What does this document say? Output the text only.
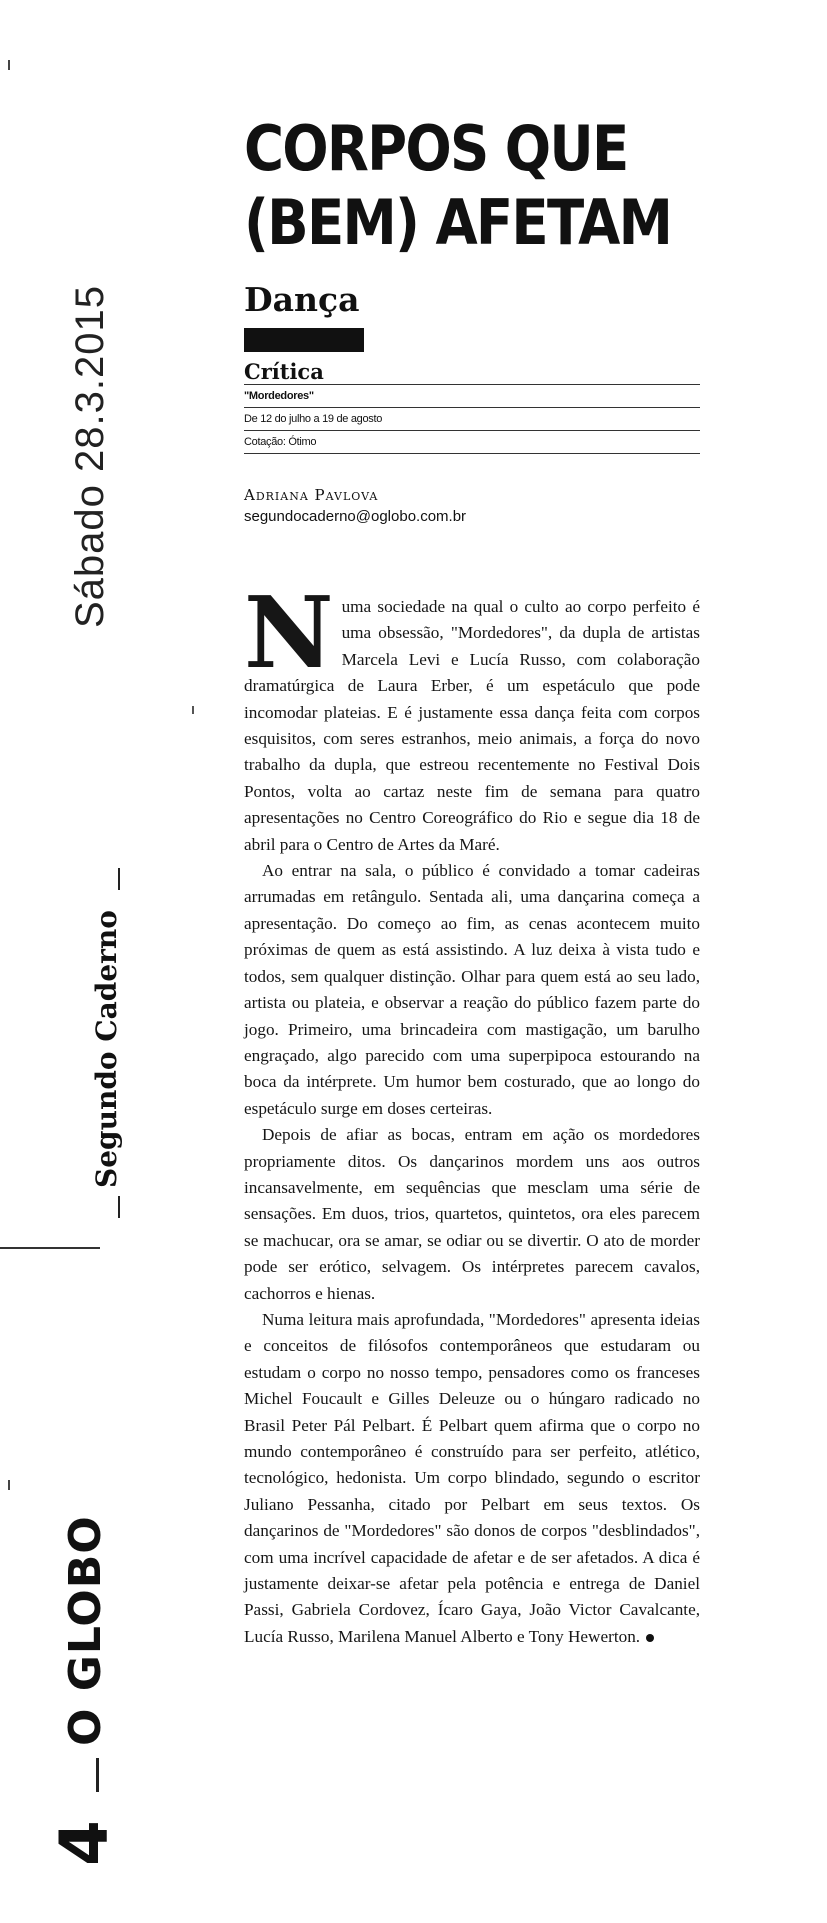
Sábado 28.3.2015
Segundo Caderno
O GLOBO
4
CORPOS QUE
(BEM) AFETAM
Dança
Crítica
"Mordedores"
De 12 do julho a 19 de agosto
Cotação: Ótimo
Adriana Pavlova
segundocaderno@oglobo.com.br

Numa sociedade na qual o culto ao corpo perfeito é uma obsessão, "Mordedores", da dupla de artistas Marcela Levi e Lucía Russo, com colaboração dramatúrgica de Laura Erber, é um espetáculo que pode incomodar plateias. E é justamente essa dança feita com corpos esquisitos, com seres estranhos, meio animais, a força do novo trabalho da dupla, que estreou recentemente no Festival Dois Pontos, volta ao cartaz neste fim de semana para quatro apresentações no Centro Coreográfico do Rio e segue dia 18 de abril para o Centro de Artes da Maré.

Ao entrar na sala, o público é convidado a tomar cadeiras arrumadas em retângulo. Sentada ali, uma dançarina começa a apresentação. Do começo ao fim, as cenas acontecem muito próximas de quem as está assistindo. A luz deixa à vista tudo e todos, sem qualquer distinção. Olhar para quem está ao seu lado, artista ou plateia, e observar a reação do público fazem parte do jogo. Primeiro, uma brincadeira com mastigação, um barulho engraçado, algo parecido com uma superpipoca estourando na boca da intérprete. Um humor bem costurado, que ao longo do espetáculo surge em doses certeiras.

Depois de afiar as bocas, entram em ação os mordedores propriamente ditos. Os dançarinos mordem uns aos outros incansavelmente, em sequências que mesclam uma série de sensações. Em duos, trios, quartetos, quintetos, ora eles parecem se machucar, ora se amar, se odiar ou se divertir. O ato de morder pode ser erótico, selvagem. Os intérpretes parecem cavalos, cachorros e hienas.

Numa leitura mais aprofundada, "Mordedores" apresenta ideias e conceitos de filósofos contemporâneos que estudaram ou estudam o corpo no nosso tempo, pensadores como os franceses Michel Foucault e Gilles Deleuze ou o húngaro radicado no Brasil Peter Pál Pelbart. É Pelbart quem afirma que o corpo no mundo contemporâneo é construído para ser perfeito, atlético, tecnológico, hedonista. Um corpo blindado, segundo o escritor Juliano Pessanha, citado por Pelbart em seus textos. Os dançarinos de "Mordedores" são donos de corpos "desblindados", com uma incrível capacidade de afetar e de ser afetados. A dica é justamente deixar-se afetar pela potência e entrega de Daniel Passi, Gabriela Cordovez, Ícaro Gaya, João Victor Cavalcante, Lucía Russo, Marilena Manuel Alberto e Tony Hewerton.
